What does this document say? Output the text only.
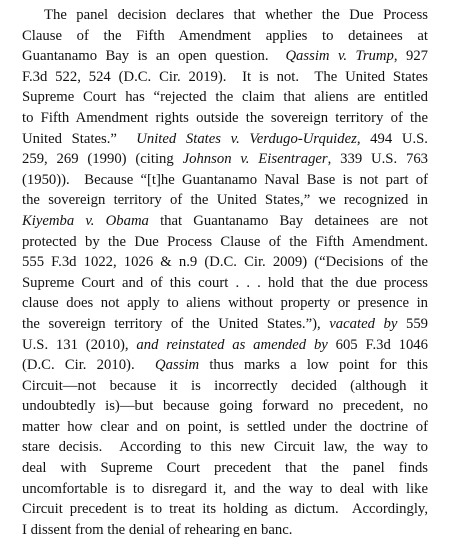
The panel decision declares that whether the Due Process
Clause of the Fifth Amendment applies to detainees at
Guantanamo Bay is an open question.  Qassim v. Trump, 927
F.3d 522, 524 (D.C. Cir. 2019).  It is not.  The United States
Supreme Court has “rejected the claim that aliens are entitled
to Fifth Amendment rights outside the sovereign territory of the
United States.”  United States v. Verdugo-Urquidez, 494 U.S.
259, 269 (1990) (citing Johnson v. Eisentrager, 339 U.S. 763
(1950)).  Because “[t]he Guantanamo Naval Base is not part of
the sovereign territory of the United States,” we recognized in
Kiyemba v. Obama that Guantanamo Bay detainees are not
protected by the Due Process Clause of the Fifth Amendment.
555 F.3d 1022, 1026 & n.9 (D.C. Cir. 2009) (“Decisions of the
Supreme Court and of this court . . . hold that the due process
clause does not apply to aliens without property or presence in
the sovereign territory of the United States.”), vacated by 559
U.S. 131 (2010), and reinstated as amended by 605 F.3d 1046
(D.C. Cir. 2010).  Qassim thus marks a low point for this
Circuit—not because it is incorrectly decided (although it
undoubtedly is)—but because going forward no precedent, no
matter how clear and on point, is settled under the doctrine of
stare decisis.  According to this new Circuit law, the way to
deal with Supreme Court precedent that the panel finds
uncomfortable is to disregard it, and the way to deal with like
Circuit precedent is to treat its holding as dictum.  Accordingly,
I dissent from the denial of rehearing en banc.
